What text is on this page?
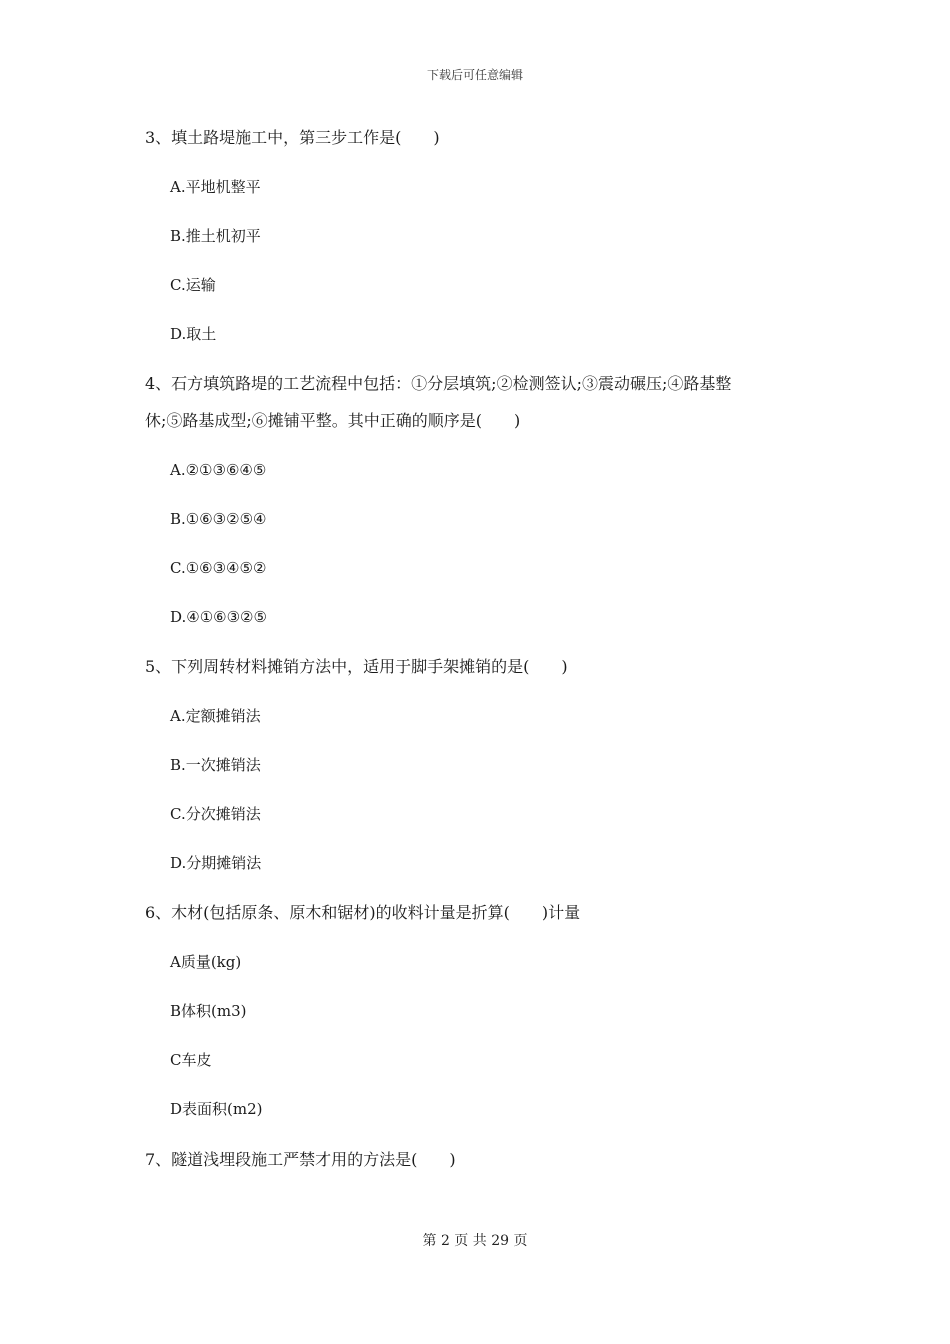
下载后可任意编辑
3、填土路堤施工中，第三步工作是(　　)
A.平地机整平
B.推土机初平
C.运输
D.取土
4、石方填筑路堤的工艺流程中包括：①分层填筑;②检测签认;③震动碾压;④路基整
休;⑤路基成型;⑥摊铺平整。其中正确的顺序是(　　)
A.②①③⑥④⑤
B.①⑥③②⑤④
C.①⑥③④⑤②
D.④①⑥③②⑤
5、下列周转材料摊销方法中，适用于脚手架摊销的是(　　)
A.定额摊销法
B.一次摊销法
C.分次摊销法
D.分期摊销法
6、木材(包括原条、原木和锯材)的收料计量是折算(　　)计量
A质量(kg)
B体积(m3)
C车皮
D表面积(m2)
7、隧道浅埋段施工严禁才用的方法是(　　)
第 2 页 共 29 页
